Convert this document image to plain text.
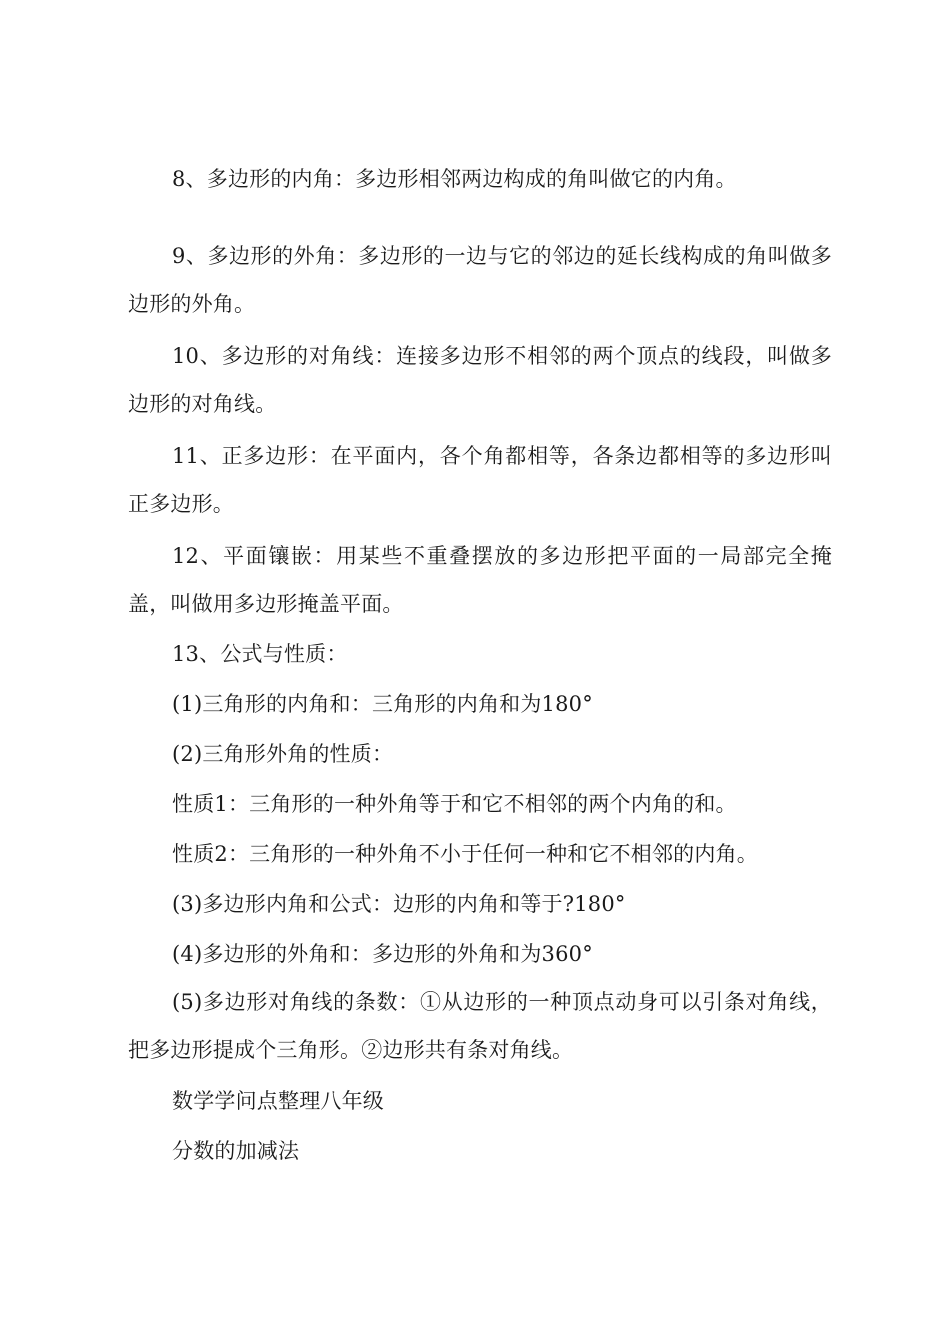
8、多边形的内角：多边形相邻两边构成的角叫做它的内角。

9、多边形的外角：多边形的一边与它的邻边的延长线构成的角叫做多边形的外角。

10、多边形的对角线：连接多边形不相邻的两个顶点的线段，叫做多边形的对角线。

11、正多边形：在平面内，各个角都相等，各条边都相等的多边形叫正多边形。

12、平面镶嵌：用某些不重叠摆放的多边形把平面的一局部完全掩盖，叫做用多边形掩盖平面。

13、公式与性质：

(1)三角形的内角和：三角形的内角和为180°

(2)三角形外角的性质：

性质1：三角形的一种外角等于和它不相邻的两个内角的和。

性质2：三角形的一种外角不小于任何一种和它不相邻的内角。

(3)多边形内角和公式：边形的内角和等于?180°

(4)多边形的外角和：多边形的外角和为360°

(5)多边形对角线的条数：①从边形的一种顶点动身可以引条对角线，把多边形提成个三角形。②边形共有条对角线。

数学学问点整理八年级

分数的加减法
